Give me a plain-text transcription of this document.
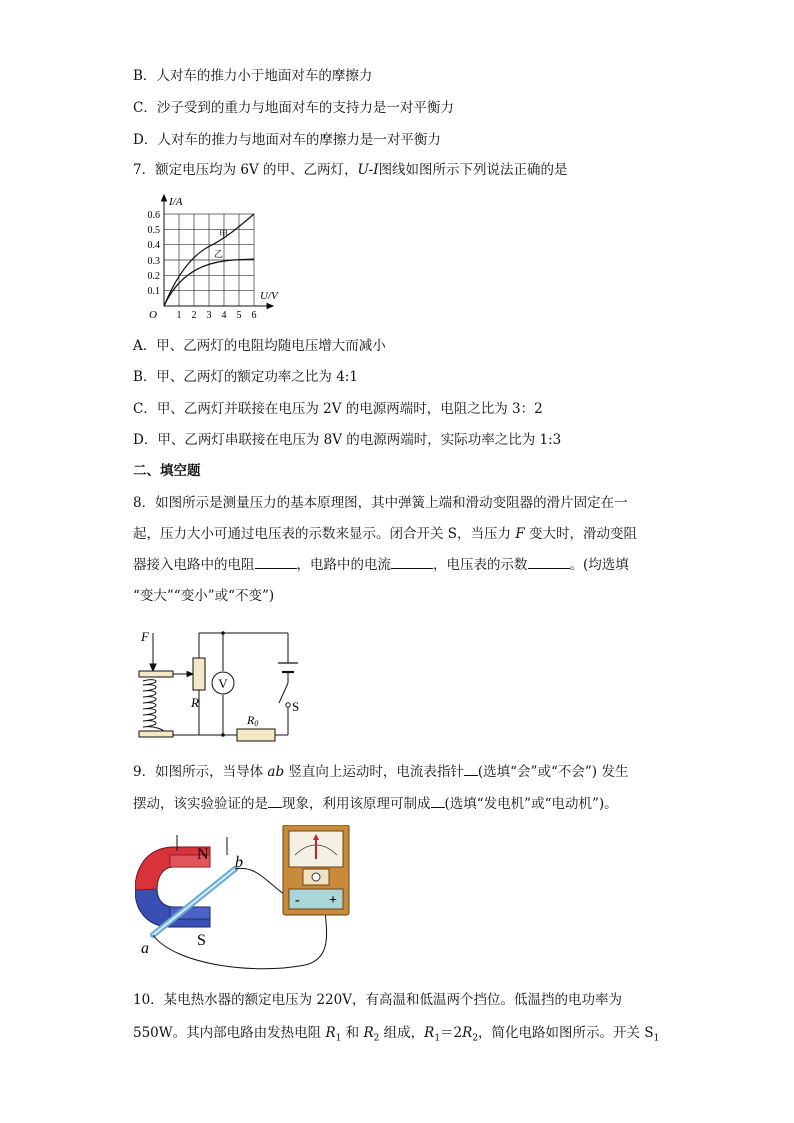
B．人对车的推力小于地面对车的摩擦力
C．沙子受到的重力与地面对车的支持力是一对平衡力
D．人对车的推力与地面对车的摩擦力是一对平衡力
7．额定电压均为 6V 的甲、乙两灯，U-I图线如图所示下列说法正确的是
I/A
U/V
O
0.6
0.5
0.4
0.3
0.2
0.1
1 2 3 4 5 6
甲
乙
A．甲、乙两灯的电阻均随电压增大而减小
B．甲、乙两灯的额定功率之比为 4:1
C．甲、乙两灯并联接在电压为 2V 的电源两端时，电阻之比为 3：2
D．甲、乙两灯串联接在电压为 8V 的电源两端时，实际功率之比为 1:3
二、填空题
8．如图所示是测量压力的基本原理图，其中弹簧上端和滑动变阻器的滑片固定在一
起，压力大小可通过电压表的示数来显示。闭合开关 S，当压力 F 变大时，滑动变阻
器接入电路中的电阻	，电路中的电流	，电压表的示数	。(均选填
“变大”“变小”或“不变”)
F
R
V
R0
S
9．如图所示，当导体 ab 竖直向上运动时，电流表指针 (选填“会”或“不会”) 发生
摆动，该实验验证的是 现象，利用该原理可制成 (选填“发电机”或“电动机”)。
N
S
a
b
- +
10．某电热水器的额定电压为 220V，有高温和低温两个挡位。低温挡的电功率为
550W。其内部电路由发热电阻 $R_1$ 和 $R_2$ 组成，$R_1=2R_2$，简化电路如图所示。开关 $S_1$
